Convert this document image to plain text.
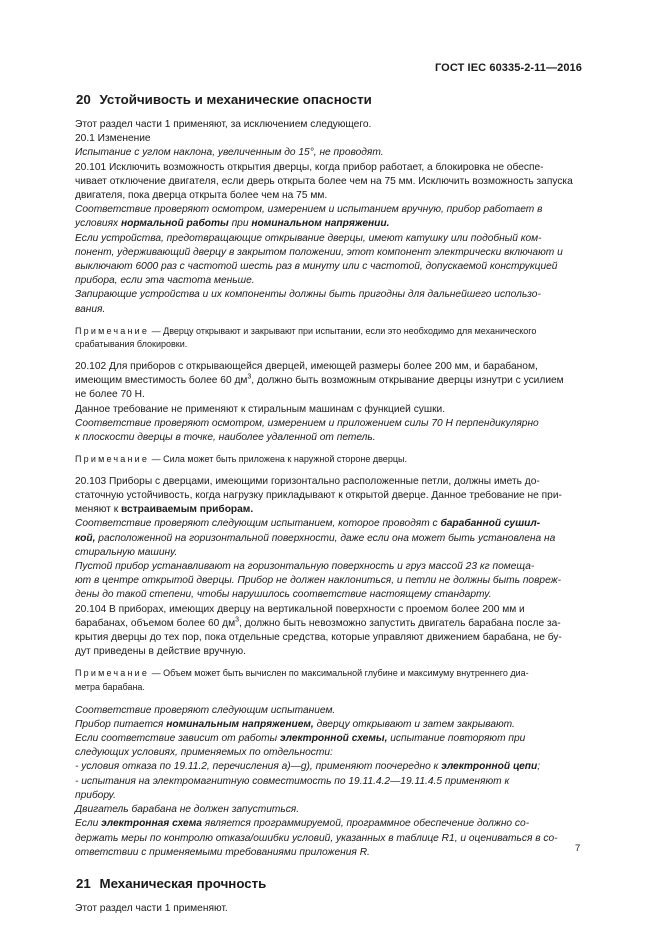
ГОСТ IEC 60335-2-11—2016
20 Устойчивость и механические опасности

Этот раздел части 1 применяют, за исключением следующего.

20.1 Изменение

Испытание с углом наклона, увеличенным до 15°, не проводят.

20.101 Исключить возможность открытия дверцы, когда прибор работает, а блокировка не обеспе-
чивает отключение двигателя, если дверь открыта более чем на 75 мм. Исключить возможность запуска
двигателя, пока дверца открыта более чем на 75 мм.
Соответствие проверяют осмотром, измерением и испытанием вручную, прибор работает в
условиях нормальной работы при номинальном напряжении.
Если устройства, предотвращающие открывание дверцы, имеют катушку или подобный ком-
понент, удерживающий дверцу в закрытом положении, этот компонент электрически включают и
выключают 6000 раз с частотой шесть раз в минуту или с частотой, допускаемой конструкцией
прибора, если эта частота меньше.
Запирающие устройства и их компоненты должны быть пригодны для дальнейшего использо-
вания.
Примечание — Дверцу открывают и закрывают при испытании, если это необходимо для механического
срабатывания блокировки.
20.102 Для приборов с открывающейся дверцей, имеющей размеры более 200 мм, и барабаном,
имеющим вместимость более 60 $дм^3$, должно быть возможным открывание дверцы изнутри с усилием
не более 70 Н.
Данное требование не применяют к стиральным машинам с функцией сушки.
Соответствие проверяют осмотром, измерением и приложением силы 70 Н перпендикулярно
к плоскости дверцы в точке, наиболее удаленной от петель.
Примечание — Сила может быть приложена к наружной стороне дверцы.
20.103 Приборы с дверцами, имеющими горизонтально расположенные петли, должны иметь до-
статочную устойчивость, когда нагрузку прикладывают к открытой дверце. Данное требование не при-
меняют к встраиваемым приборам.
Соответствие проверяют следующим испытанием, которое проводят с барабанной сушил-
кой, расположенной на горизонтальной поверхности, даже если она может быть установлена на
стиральную машину.
Пустой прибор устанавливают на горизонтальную поверхность и груз массой 23 кг помеща-
ют в центре открытой дверцы. Прибор не должен наклониться, и петли не должны быть повреж-
дены до такой степени, чтобы нарушилось соответствие настоящему стандарту.
20.104 В приборах, имеющих дверцу на вертикальной поверхности с проемом более 200 мм и
барабанах, объемом более 60 $дм^3$, должно быть невозможно запустить двигатель барабана после за-
крытия дверцы до тех пор, пока отдельные средства, которые управляют движением барабана, не бу-
дут приведены в действие вручную.
Примечание — Объем может быть вычислен по максимальной глубине и максимуму внутреннего диа-
метра барабана.

Соответствие проверяют следующим испытанием.

Прибор питается номинальным напряжением, дверцу открывают и затем закрывают.

Если соответствие зависит от работы электронной схемы, испытание повторяют при
следующих условиях, применяемых по отдельности:
- условия отказа по 19.11.2, перечисления а)—g), применяют поочередно к электронной цепи;
- испытания на электромагнитную совместимость по 19.11.4.2—19.11.4.5 применяют к
прибору.

Двигатель барабана не должен запуститься.

Если электронная схема является программируемой, программное обеспечение должно со-
держать меры по контролю отказа/ошибки условий, указанных в таблице R1, и оцениваться в со-
ответствии с применяемыми требованиями приложения R.
21 Механическая прочность

Этот раздел части 1 применяют.

7
